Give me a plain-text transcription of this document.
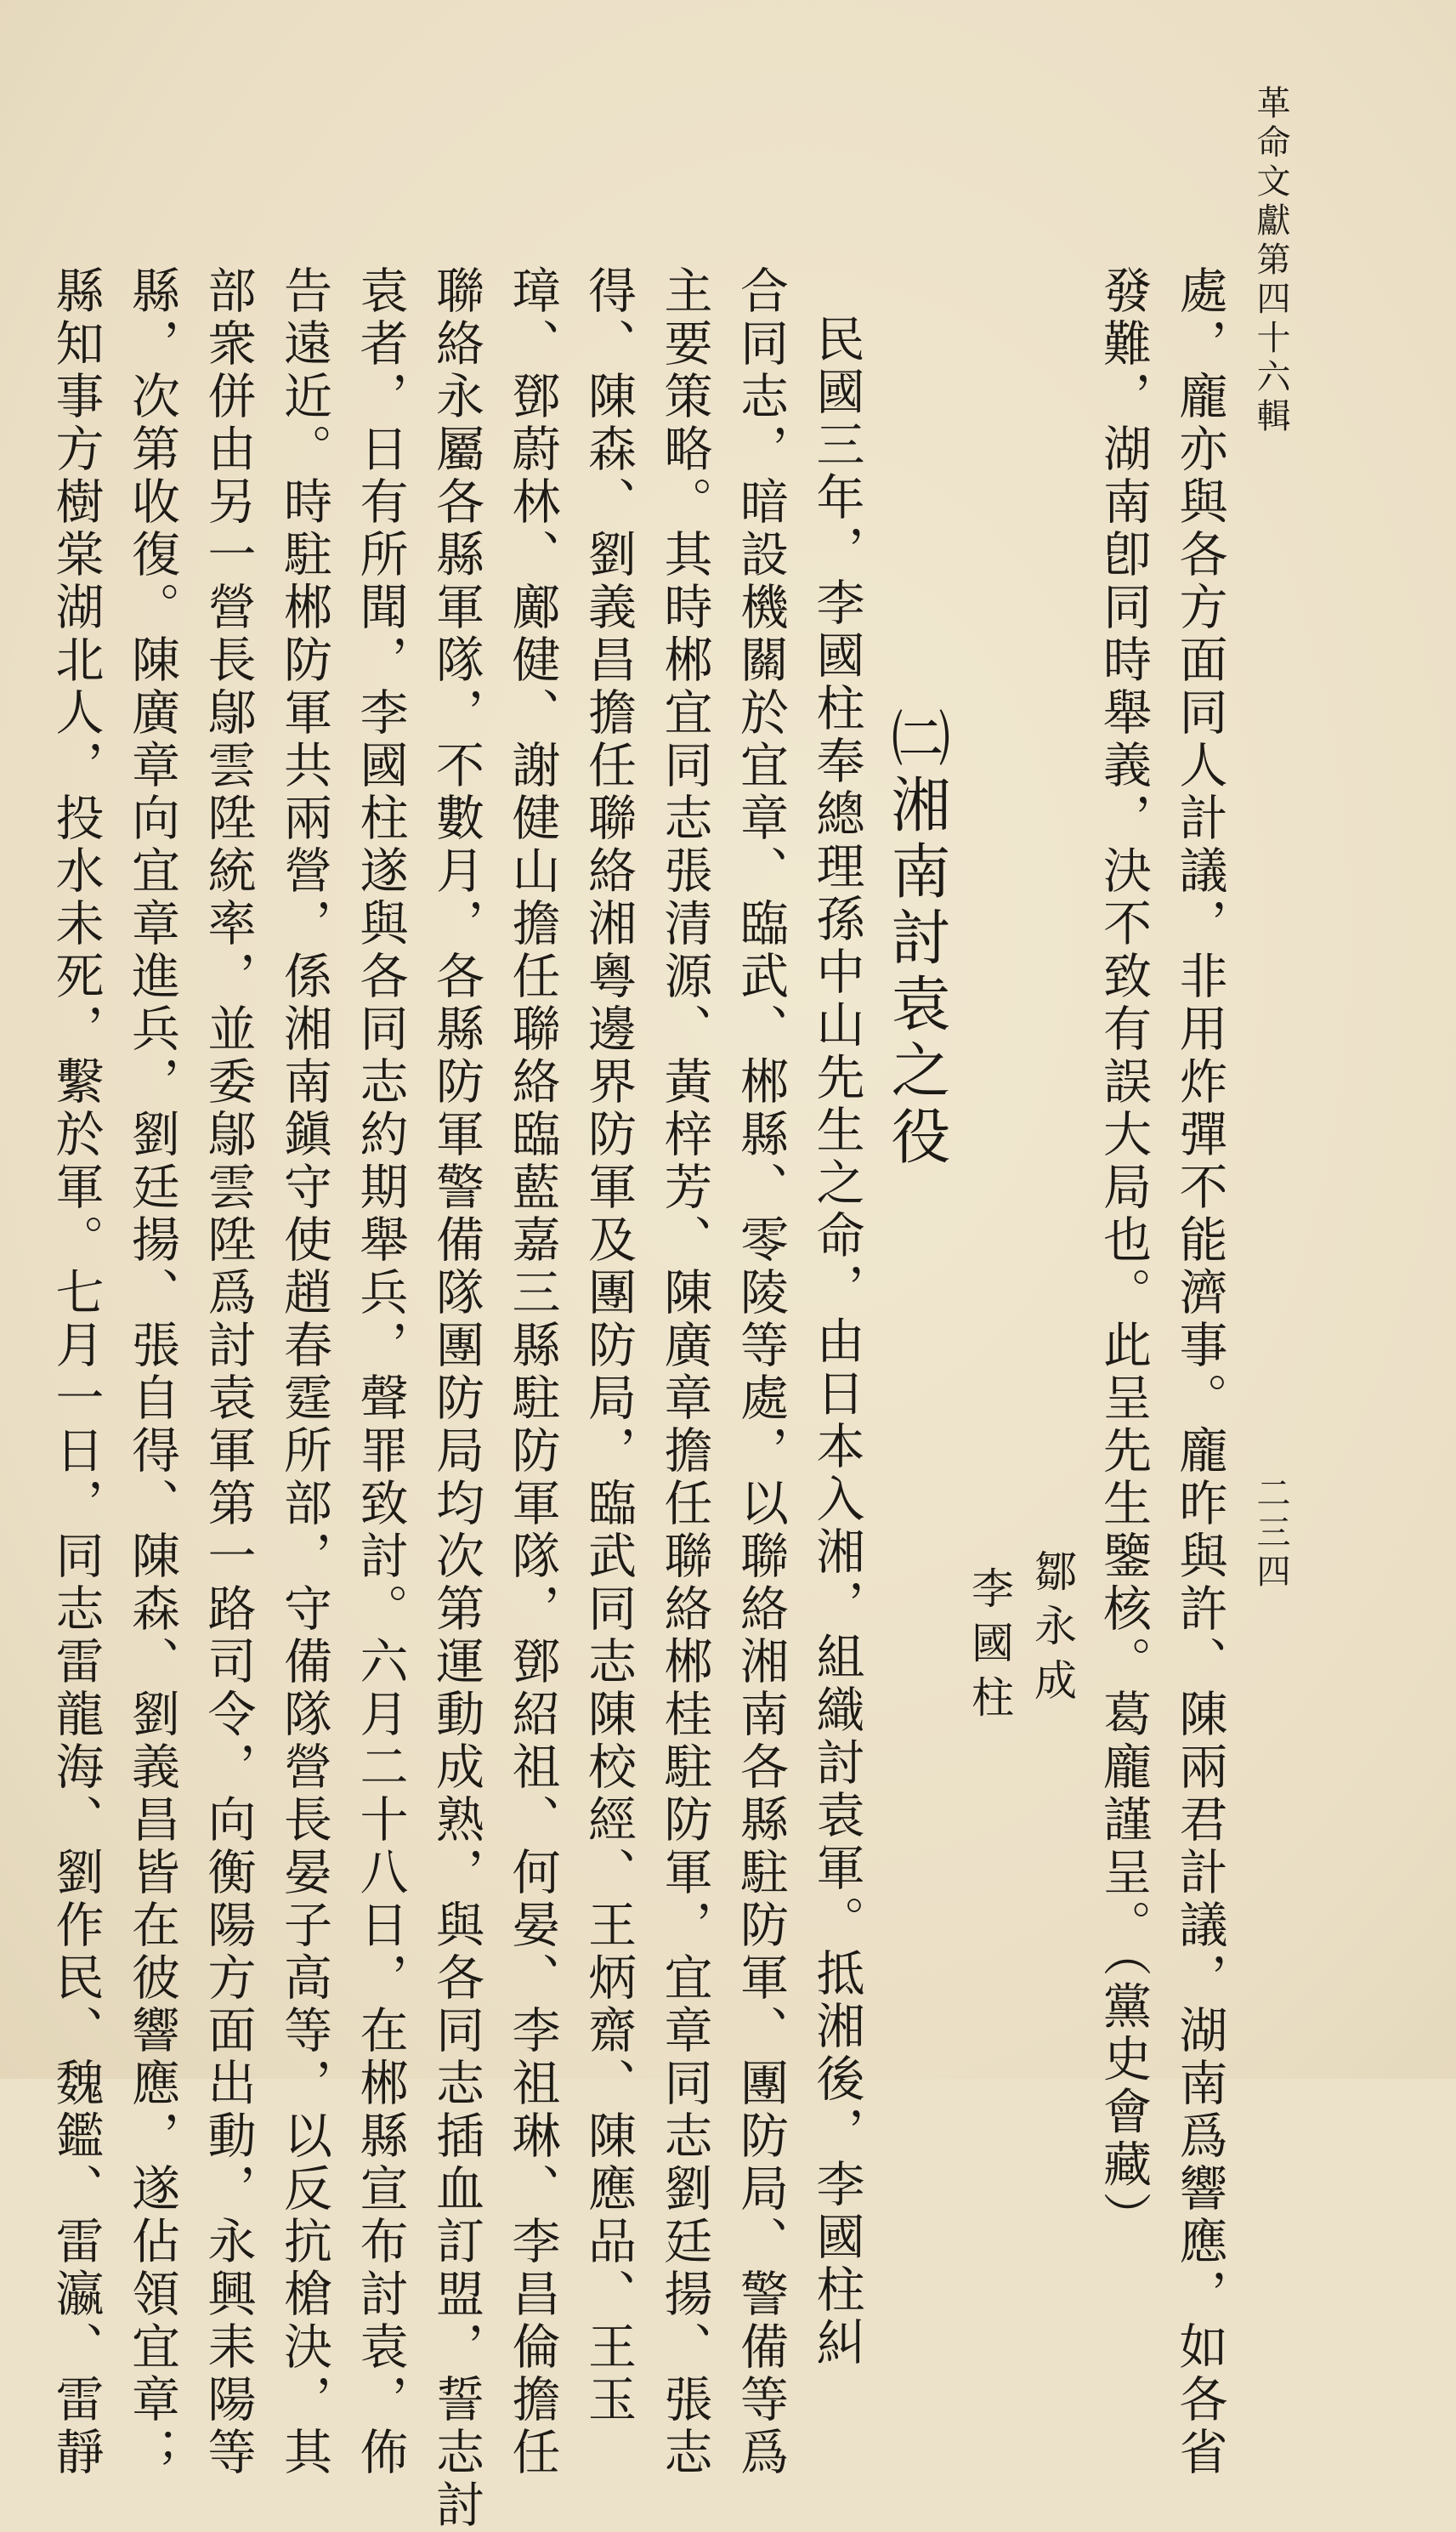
革命文獻第四十六輯
二三四
處，龐亦與各方面同人計議，非用炸彈不能濟事。龐昨與許、陳兩君計議，湖南爲響應，如各省
發難，湖南卽同時舉義，決不致有誤大局也。此呈先生鑒核。葛龐謹呈。（黨史會藏）
鄒永成
李國柱
㈡湘南討袁之役
民國三年，李國柱奉總理孫中山先生之命，由日本入湘，組織討袁軍。抵湘後，李國柱糾
合同志，暗設機關於宜章、臨武、郴縣、零陵等處，以聯絡湘南各縣駐防軍、團防局、警備等爲
主要策略。其時郴宜同志張清源、黃梓芳、陳廣章擔任聯絡郴桂駐防軍，宜章同志劉廷揚、張志
得、陳森、劉義昌擔任聯絡湘粵邊界防軍及團防局，臨武同志陳校經、王炳齋、陳應品、王玉
璋、鄧蔚林、鄺健、謝健山擔任聯絡臨藍嘉三縣駐防軍隊，鄧紹祖、何晏、李祖琳、李昌倫擔任
聯絡永屬各縣軍隊，不數月，各縣防軍警備隊團防局均次第運動成熟，與各同志插血訂盟，誓志討
袁者，日有所聞，李國柱遂與各同志約期舉兵，聲罪致討。六月二十八日，在郴縣宣布討袁，佈
告遠近。時駐郴防軍共兩營，係湘南鎭守使趙春霆所部，守備隊營長晏子高等，以反抗槍決，其
部衆併由另一營長鄔雲陞統率，並委鄔雲陞爲討袁軍第一路司令，向衡陽方面出動，永興耒陽等
縣，次第收復。陳廣章向宜章進兵，劉廷揚、張自得、陳森、劉義昌皆在彼響應，遂佔領宜章；
縣知事方樹棠湖北人，投水未死，繫於軍。七月一日，同志雷龍海、劉作民、魏鑑、雷瀛、雷靜
